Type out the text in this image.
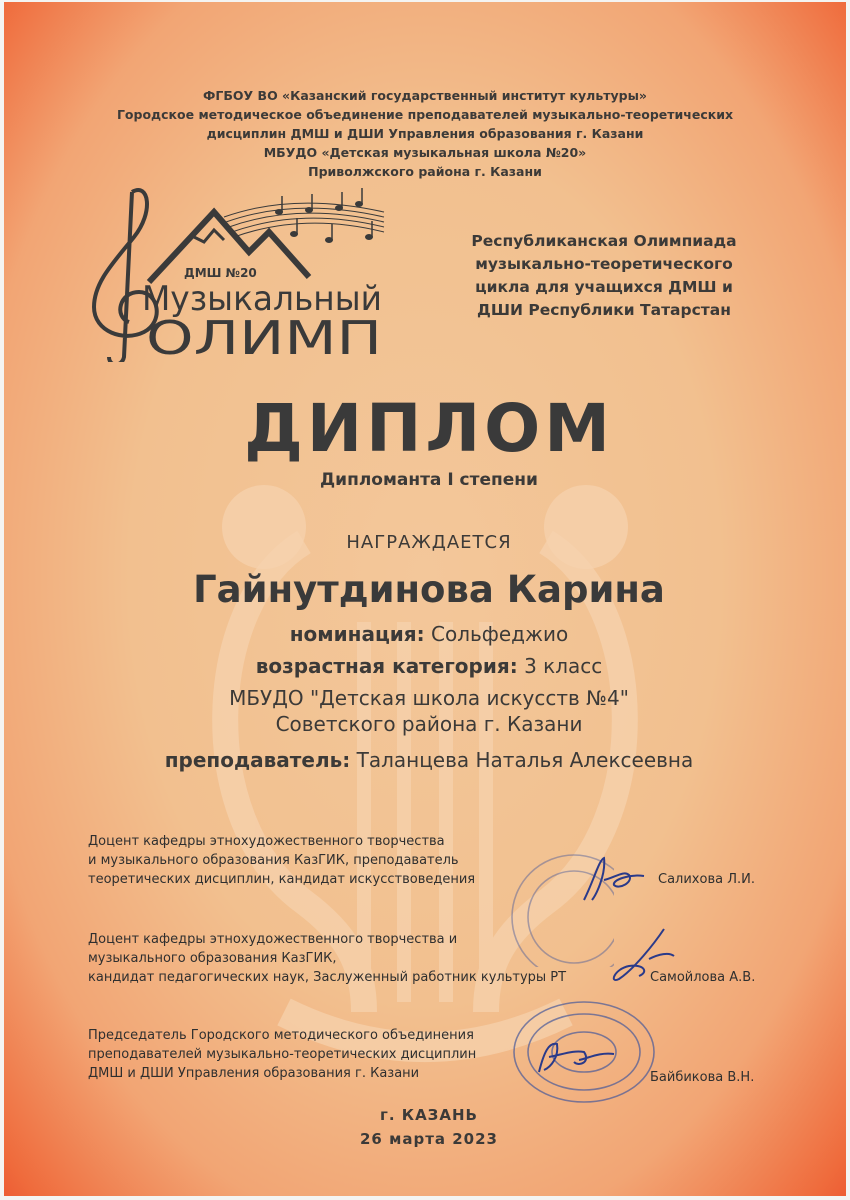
ФГБОУ ВО «Казанский государственный институт культуры»
Городское методическое объединение преподавателей музыкально-теоретических
дисциплин ДМШ и ДШИ Управления образования г. Казани
МБУДО «Детская музыкальная школа №20»
Приволжского района г. Казани
ДМШ №20
Музыкальный
ОЛИМП
Республиканская Олимпиада
музыкально-теоретического
цикла для учащихся ДМШ и
ДШИ Республики Татарстан
ДИПЛОМ
Дипломанта I степени
НАГРАЖДАЕТСЯ
Гайнутдинова Карина
номинация: Сольфеджио
возрастная категория: 3 класс
МБУДО "Детская школа искусств №4"
Советского района г. Казани
преподаватель: Таланцева Наталья Алексеевна
Доцент кафедры этнохудожественного творчества
и музыкального образования КазГИК, преподаватель
теоретических дисциплин, кандидат искусствоведения	Салихова Л.И.
Доцент кафедры этнохудожественного творчества и
музыкального образования КазГИК,
кандидат педагогических наук, Заслуженный работник культуры РТ	Самойлова А.В.
Председатель Городского методического объединения
преподавателей музыкально-теоретических дисциплин
ДМШ и ДШИ Управления образования г. Казани	Байбикова В.Н.
г. КАЗАНЬ
26 марта 2023
